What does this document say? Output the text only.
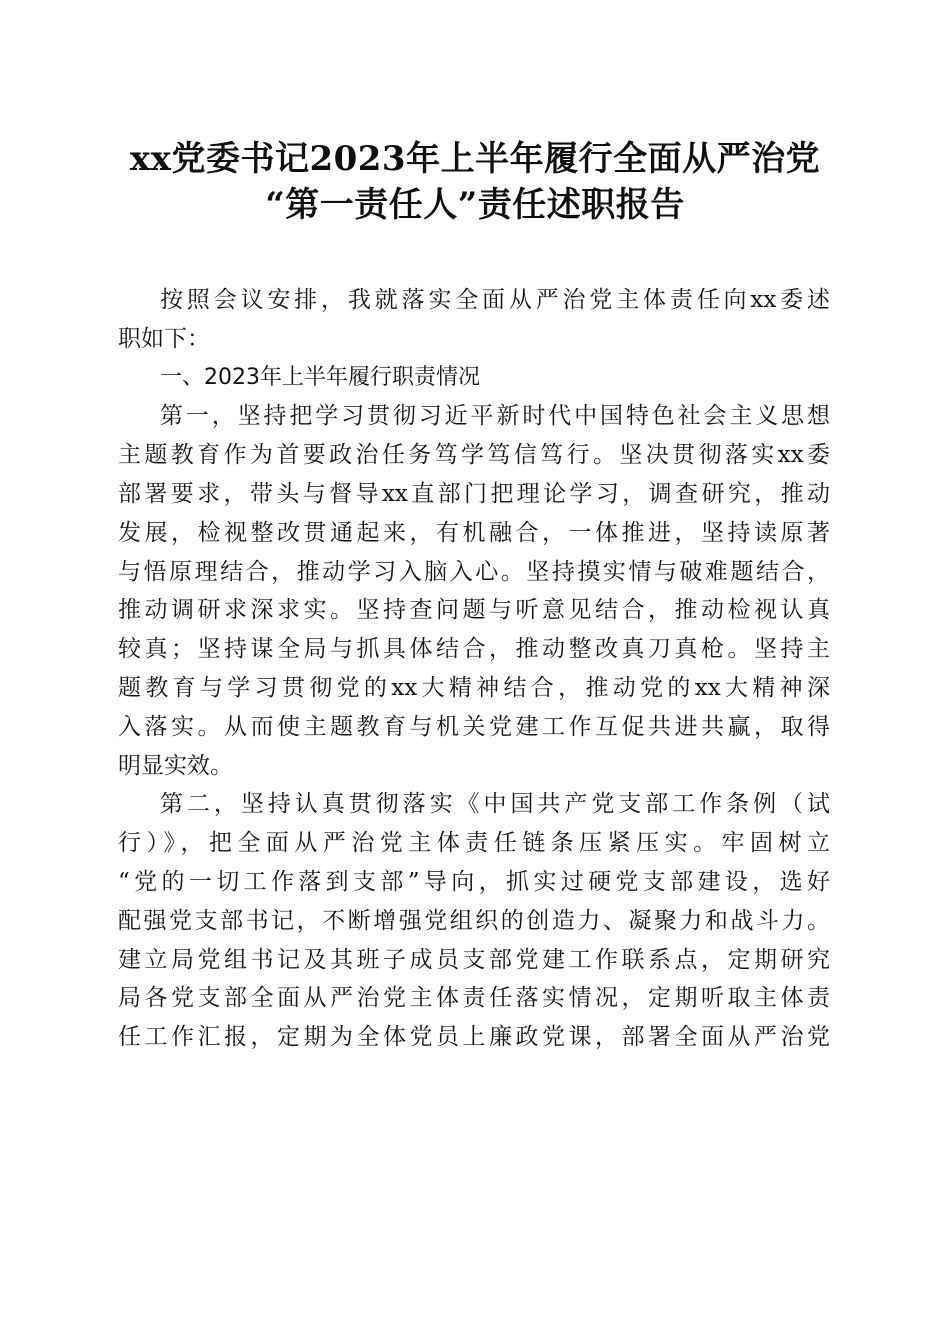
xx党委书记2023年上半年履行全面从严治党
“第一责任人”责任述职报告
按照会议安排，我就落实全面从严治党主体责任向xx委述
职如下：
一、2023年上半年履行职责情况
第一，坚持把学习贯彻习近平新时代中国特色社会主义思想
主题教育作为首要政治任务笃学笃信笃行。坚决贯彻落实xx委
部署要求，带头与督导xx直部门把理论学习，调查研究，推动
发展，检视整改贯通起来，有机融合，一体推进，坚持读原著
与悟原理结合，推动学习入脑入心。坚持摸实情与破难题结合，
推动调研求深求实。坚持查问题与听意见结合，推动检视认真
较真；坚持谋全局与抓具体结合，推动整改真刀真枪。坚持主
题教育与学习贯彻党的xx大精神结合，推动党的xx大精神深
入落实。从而使主题教育与机关党建工作互促共进共赢，取得
明显实效。
第二，坚持认真贯彻落实《中国共产党支部工作条例（试
行）》，把全面从严治党主体责任链条压紧压实。牢固树立
“党的一切工作落到支部”导向，抓实过硬党支部建设，选好
配强党支部书记，不断增强党组织的创造力、凝聚力和战斗力。
建立局党组书记及其班子成员支部党建工作联系点，定期研究
局各党支部全面从严治党主体责任落实情况，定期听取主体责
任工作汇报，定期为全体党员上廉政党课，部署全面从严治党
